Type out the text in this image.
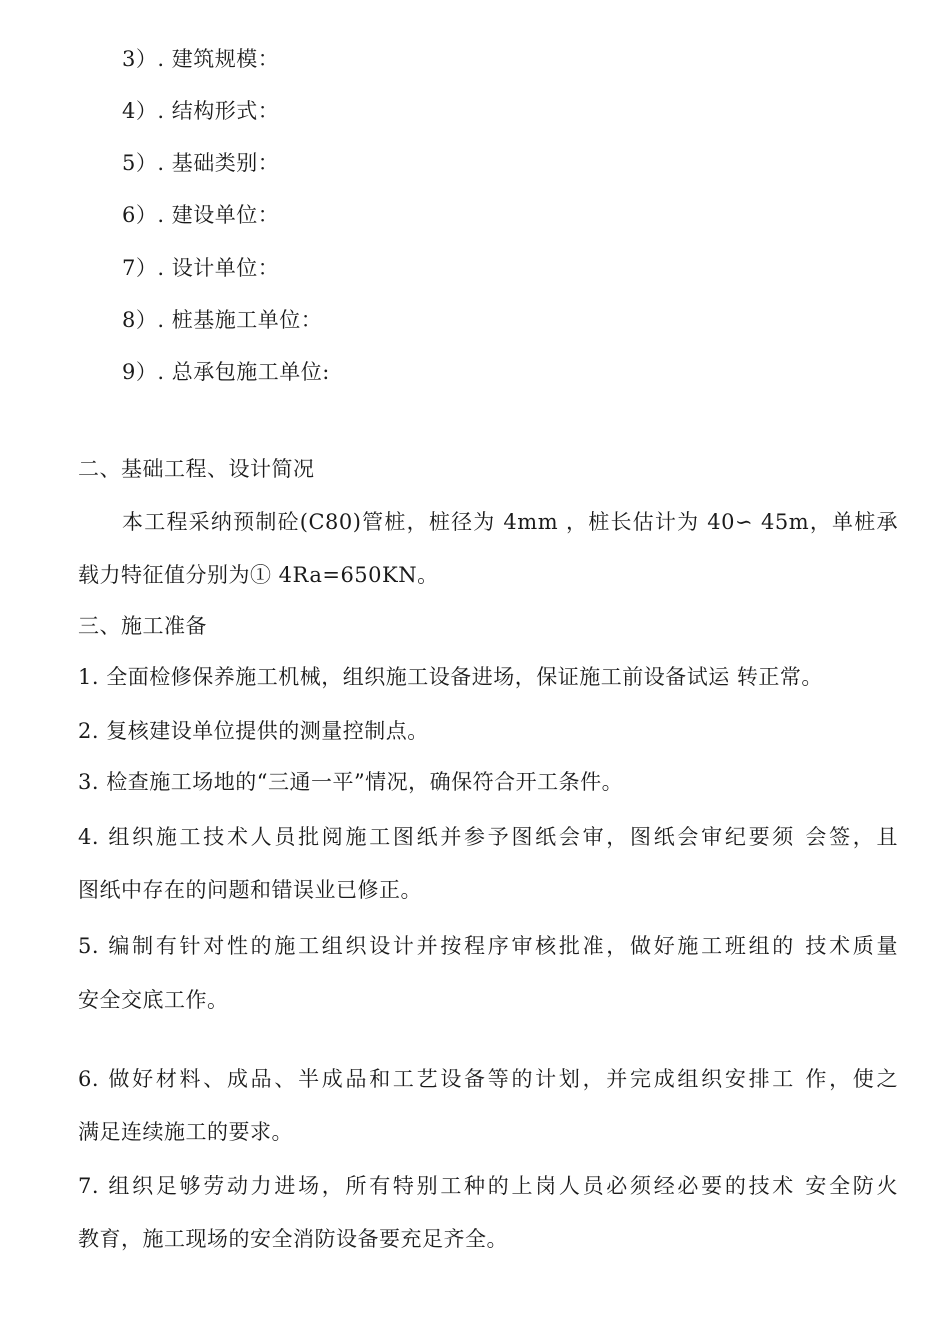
3）. 建筑规模：
4）. 结构形式：
5）. 基础类别：
6）. 建设单位：
7）. 设计单位：
8）. 桩基施工单位：
9）. 总承包施工单位:
二、基础工程、设计简况
本工程采纳预制砼(C80)管桩，桩径为 4mm ，桩长估计为 40∽ 45m，单桩承
载力特征值分别为① 4Ra=650KN。
三、施工准备
1. 全面检修保养施工机械，组织施工设备进场，保证施工前设备试运 转正常。
2. 复核建设单位提供的测量控制点。
3. 检查施工场地的“三通一平”情况，确保符合开工条件。
4. 组织施工技术人员批阅施工图纸并参予图纸会审，图纸会审纪要须 会签，且
图纸中存在的问题和错误业已修正。
5. 编制有针对性的施工组织设计并按程序审核批准，做好施工班组的 技术质量
安全交底工作。
6. 做好材料、成品、半成品和工艺设备等的计划，并完成组织安排工 作，使之
满足连续施工的要求。
7. 组织足够劳动力进场，所有特别工种的上岗人员必须经必要的技术 安全防火
教育，施工现场的安全消防设备要充足齐全。
